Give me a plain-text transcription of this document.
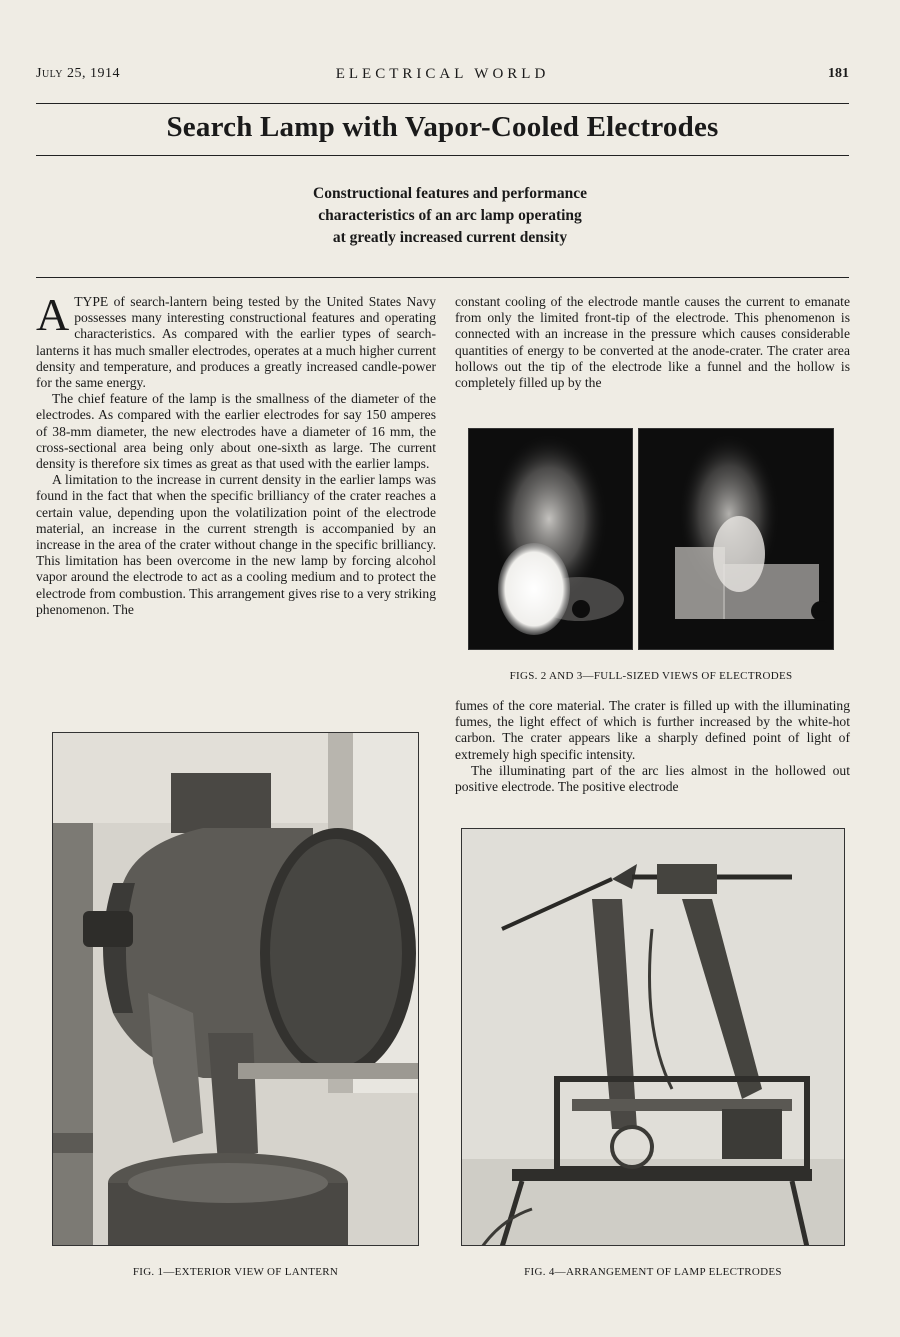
July 25, 1914	ELECTRICAL WORLD	181
Search Lamp with Vapor-Cooled Electrodes
Constructional features and performance
characteristics of an arc lamp operating
at greatly increased current density

ATYPE of search-lantern being tested by the United States Navy possesses many interesting constructional features and operating characteristics. As compared with the earlier types of search-lanterns it has much smaller electrodes, operates at a much higher current density and temperature, and produces a greatly increased candle-power for the same energy.

The chief feature of the lamp is the smallness of the diameter of the electrodes. As compared with the earlier electrodes for say 150 amperes of 38-mm diameter, the new electrodes have a diameter of 16 mm, the cross-sectional area being only about one-sixth as large. The current density is therefore six times as great as that used with the earlier lamps.

A limitation to the increase in current density in the earlier lamps was found in the fact that when the specific brilliancy of the crater reaches a certain value, depending upon the volatilization point of the electrode material, an increase in the current strength is accompanied by an increase in the area of the crater without change in the specific brilliancy. This limitation has been overcome in the new lamp by forcing alcohol vapor around the electrode to act as a cooling medium and to protect the electrode from combustion. This arrangement gives rise to a very striking phenomenon. The

constant cooling of the electrode mantle causes the current to emanate from only the limited front-tip of the electrode. This phenomenon is connected with an increase in the pressure which causes considerable quantities of energy to be converted at the anode-crater. The crater area hollows out the tip of the electrode like a funnel and the hollow is completely filled up by the

FIGS. 2 AND 3—FULL-SIZED VIEWS OF ELECTRODES

fumes of the core material. The crater is filled up with the illuminating fumes, the light effect of which is further increased by the white-hot carbon. The crater appears like a sharply defined point of light of extremely high specific intensity.

The illuminating part of the arc lies almost in the hollowed out positive electrode. The positive electrode

FIG. 1—EXTERIOR VIEW OF LANTERN	FIG. 4—ARRANGEMENT OF LAMP ELECTRODES
